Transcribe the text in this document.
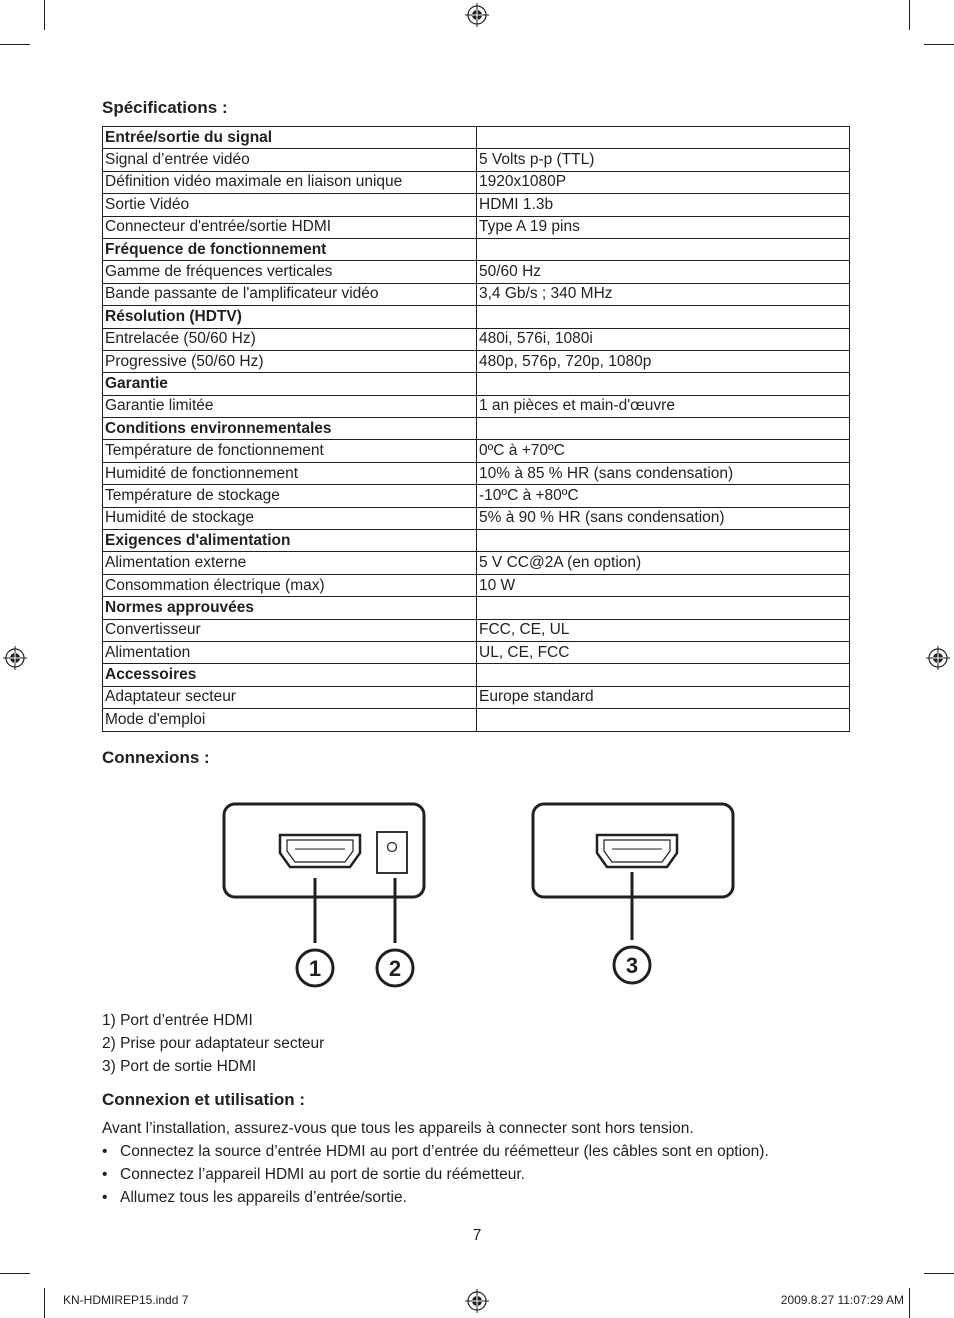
Spécifications :
Entrée/sortie du signal	
Signal d’entrée vidéo	5 Volts p-p (TTL)
Définition vidéo maximale en liaison unique	1920x1080P
Sortie Vidéo	HDMI 1.3b
Connecteur d'entrée/sortie HDMI	Type A 19 pins
Fréquence de fonctionnement	
Gamme de fréquences verticales	50/60 Hz
Bande passante de l'amplificateur vidéo	3,4 Gb/s ; 340 MHz
Résolution (HDTV)	
Entrelacée (50/60 Hz)	480i, 576i, 1080i
Progressive (50/60 Hz)	480p, 576p, 720p, 1080p
Garantie	
Garantie limitée	1 an pièces et main-d'œuvre
Conditions environnementales	
Température de fonctionnement	0ºC à +70ºC
Humidité de fonctionnement	10% à 85 % HR (sans condensation)
Température de stockage	-10ºC à +80ºC
Humidité de stockage	5% à 90 % HR (sans condensation)
Exigences d'alimentation	
Alimentation externe	5 V CC@2A (en option)
Consommation électrique (max)	10 W
Normes approuvées	
Convertisseur	FCC, CE, UL
Alimentation	UL, CE, FCC
Accessoires	
Adaptateur secteur	Europe standard
Mode d'emploi	
Connexions :
1	2	3
1) Port d’entrée HDMI
2) Prise pour adaptateur secteur
3) Port de sortie HDMI
Connexion et utilisation :
Avant l’installation, assurez-vous que tous les appareils à connecter sont hors tension.
• Connectez la source d’entrée HDMI au port d’entrée du réémetteur (les câbles sont en option).
• Connectez l’appareil HDMI au port de sortie du réémetteur.
• Allumez tous les appareils d’entrée/sortie.
7
KN-HDMIREP15.indd 7	2009.8.27 11:07:29 AM
